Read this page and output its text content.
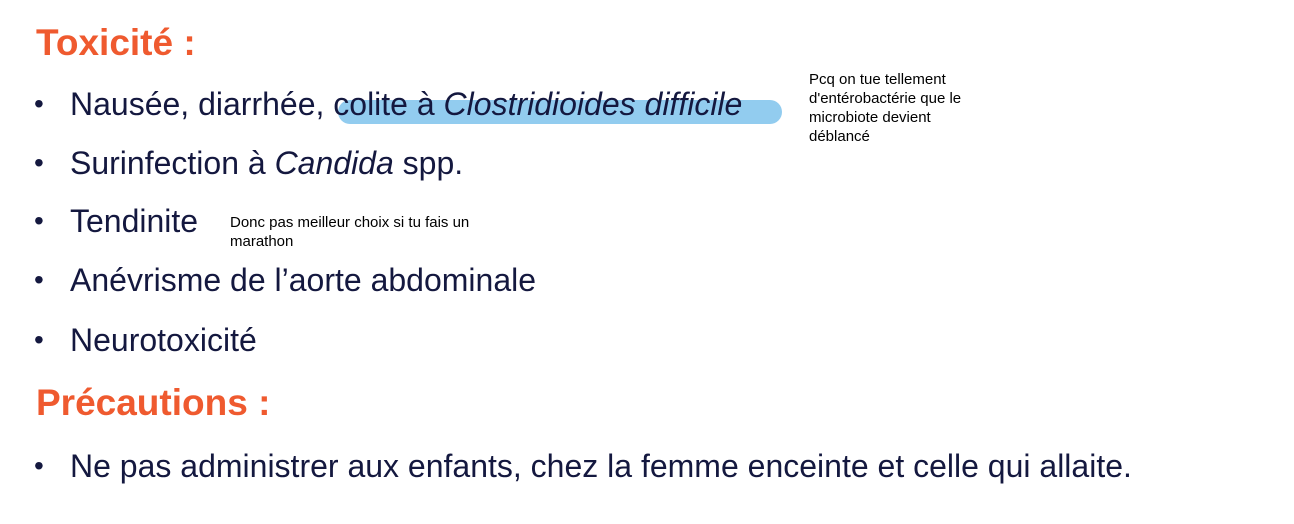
Toxicité :
• Nausée, diarrhée, colite à Clostridioides difficile
• Surinfection à Candida spp.
• Tendinite
• Anévrisme de l’aorte abdominale
• Neurotoxicité
Précautions :
• Ne pas administrer aux enfants, chez la femme enceinte et celle qui allaite.
Pcq on tue tellement
d'entérobactérie que le
microbiote devient
déblancé
Donc pas meilleur choix si tu fais un
marathon
